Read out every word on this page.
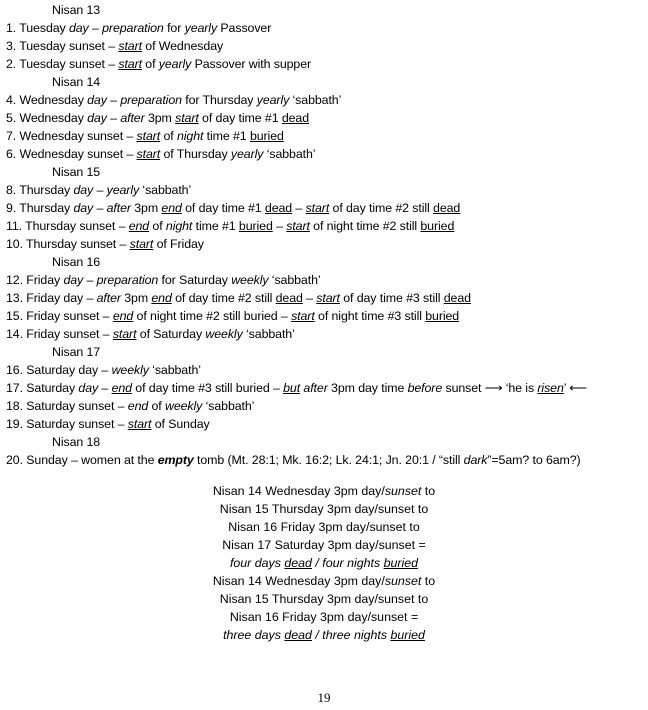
Nisan 13
1. Tuesday day – preparation for yearly Passover
3. Tuesday sunset – start of Wednesday
2. Tuesday sunset – start of yearly Passover with supper
Nisan 14
4. Wednesday day – preparation for Thursday yearly ‘sabbath’
5. Wednesday day – after 3pm start of day time #1 dead
7. Wednesday sunset – start of night time #1 buried
6. Wednesday sunset – start of Thursday yearly ‘sabbath’
Nisan 15
8. Thursday day – yearly ‘sabbath’
9. Thursday day – after 3pm end of day time #1 dead – start of day time #2 still dead
11. Thursday sunset – end of night time #1 buried – start of night time #2 still buried
10. Thursday sunset – start of Friday
Nisan 16
12. Friday day – preparation for Saturday weekly ‘sabbath’
13. Friday day – after 3pm end of day time #2 still dead – start of day time #3 still dead
15. Friday sunset – end of night time #2 still buried – start of night time #3 still buried
14. Friday sunset – start of Saturday weekly ‘sabbath’
Nisan 17
16. Saturday day – weekly ‘sabbath’
17. Saturday day – end of day time #3 still buried – but after 3pm day time before sunset ⟶ ‘he is risen’ ⟵
18. Saturday sunset – end of weekly ‘sabbath’
19. Saturday sunset – start of Sunday
Nisan 18
20. Sunday – women at the empty tomb (Mt. 28:1; Mk. 16:2; Lk. 24:1; Jn. 20:1 / “still dark”=5am? to 6am?)
Nisan 14 Wednesday 3pm day/sunset to
Nisan 15 Thursday 3pm day/sunset to
Nisan 16 Friday 3pm day/sunset to
Nisan 17 Saturday 3pm day/sunset =
four days dead / four nights buried
Nisan 14 Wednesday 3pm day/sunset to
Nisan 15 Thursday 3pm day/sunset to
Nisan 16 Friday 3pm day/sunset =
three days dead / three nights buried
19
